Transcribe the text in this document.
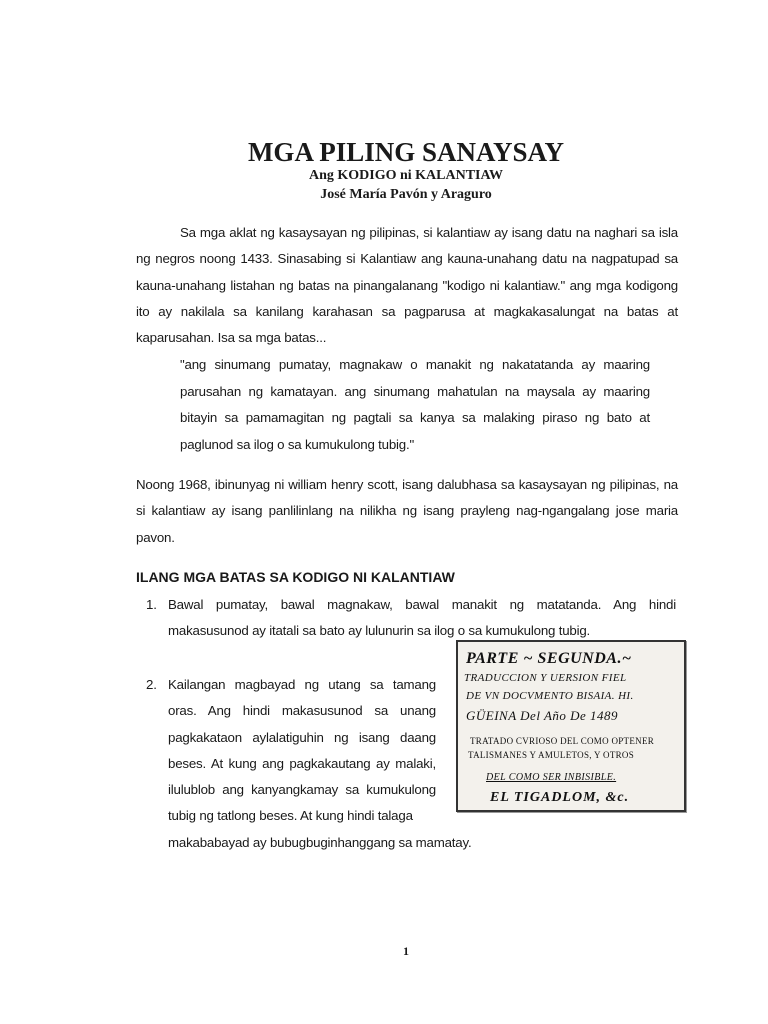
MGA PILING SANAYSAY
Ang KODIGO ni KALANTIAW
José María Pavón y Araguro

Sa mga aklat ng kasaysayan ng pilipinas, si kalantiaw ay isang datu na naghari sa isla ng negros noong 1433. Sinasabing si Kalantiaw ang kauna-unahang datu na nagpatupad sa kauna-unahang listahan ng batas na pinangalanang "kodigo ni kalantiaw." ang mga kodigong ito ay nakilala sa kanilang karahasan sa pagparusa at magkakasalungat na batas at kaparusahan. Isa sa mga batas...

"ang sinumang pumatay, magnakaw o manakit ng nakatatanda ay maaring parusahan ng kamatayan. ang sinumang mahatulan na maysala ay maaring bitayin sa pamamagitan ng pagtali sa kanya sa malaking piraso ng bato at paglunod sa ilog o sa kumukulong tubig."

Noong 1968, ibinunyag ni william henry scott, isang dalubhasa sa kasaysayan ng pilipinas, na si kalantiaw ay isang panlilinlang na nilikha ng isang prayleng nag-ngangalang jose maria pavon.

ILANG MGA BATAS SA KODIGO NI KALANTIAW
1. Bawal pumatay, bawal magnakaw, bawal manakit ng matatanda. Ang hindi makasusunod ay itatali sa bato ay lulunurin sa ilog o sa kumukulong tubig.
2. Kailangan magbayad ng utang sa tamang oras. Ang hindi makasusunod sa unang pagkakataon aylalatiguhin ng isang daang beses. At kung ang pagkakautang ay malaki, ilulublob ang kanyangkamay sa kumukulong tubig ng tatlong beses. At kung hindi talaga

makababayad ay bubugbuginhanggang sa mamatay.

PARTE ~ SEGUNDA.~
TRADUCCION Y UERSION FIEL
DE VN DOCVMENTO BISAIA. HI.
GÜEINA Del Año De 1489
TRATADO CVRIOSO DEL COMO OPTENER
TALISMANES Y AMULETOS, Y OTROS
DEL COMO SER INBISIBLE.
EL TIGADLOM, &c.
1
